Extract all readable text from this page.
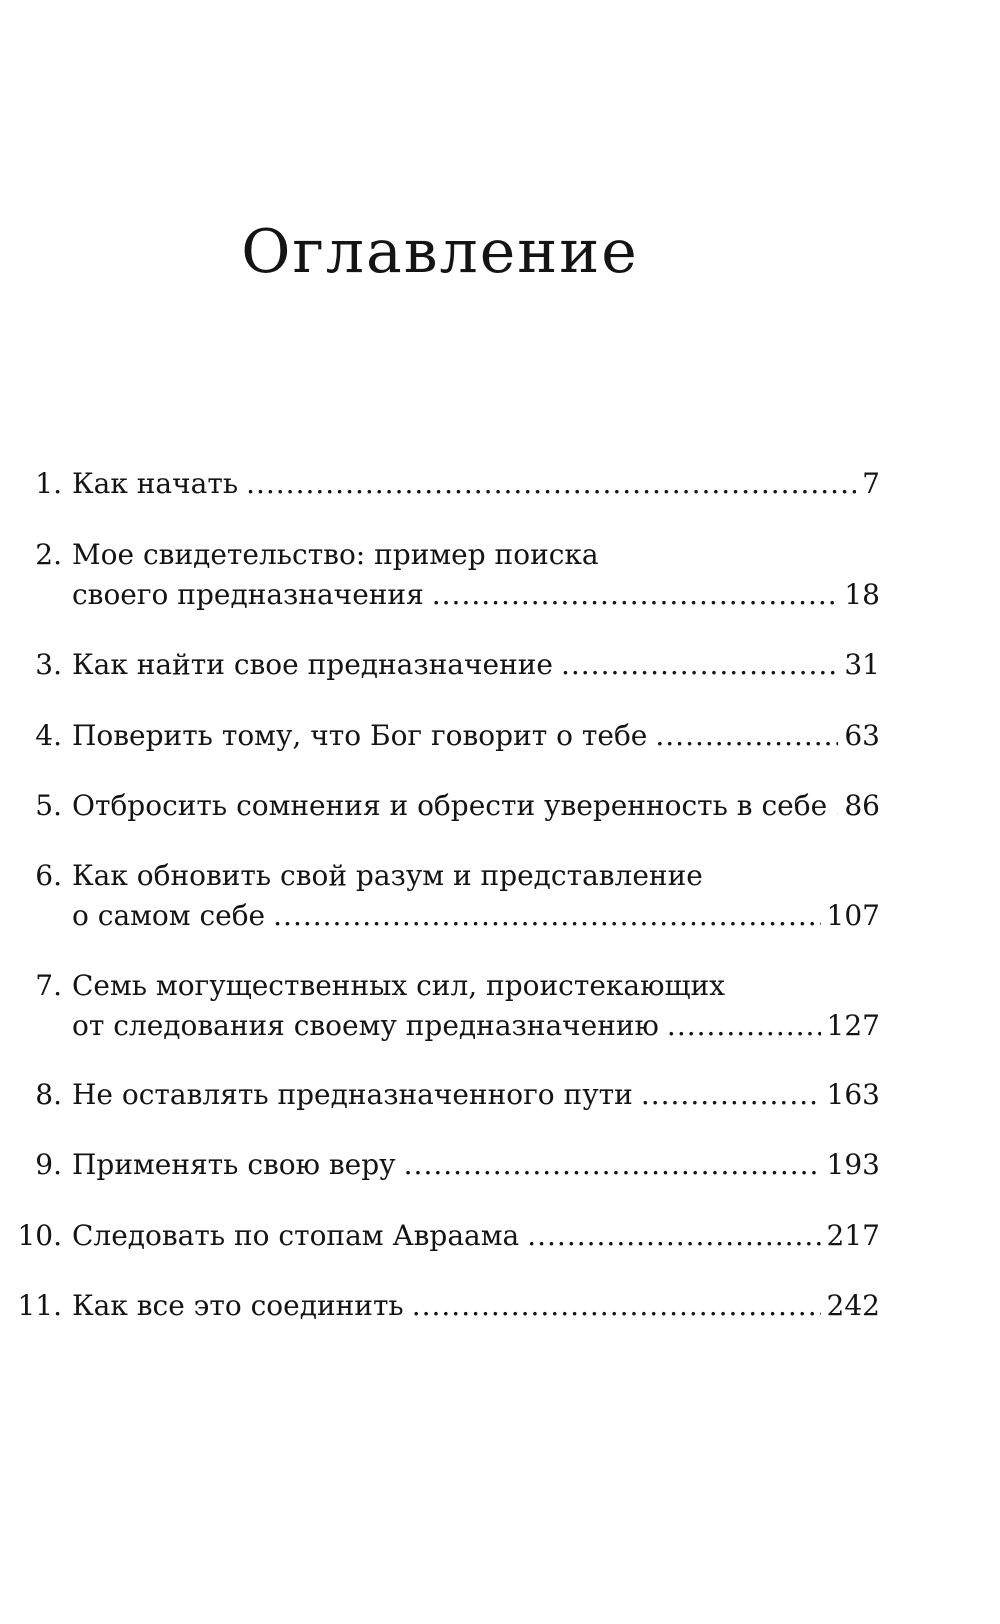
Оглавление
1. Как начать .....	7
2. Мое свидетельство: пример поиска
своего предназначения .....	18
3. Как найти свое предназначение .....	31
4. Поверить тому, что Бог говорит о тебе .....	63
5. Отбросить сомнения и обрести уверенность в себе ..... 86
6. Как обновить свой разум и представление
о самом себе .....	107
7. Семь могущественных сил, проистекающих
от следования своему предназначению .....	127
8. Не оставлять предназначенного пути .....	163
9. Применять свою веру .....	193
10. Следовать по стопам Авраама .....	217
11. Как все это соединить .....	242
